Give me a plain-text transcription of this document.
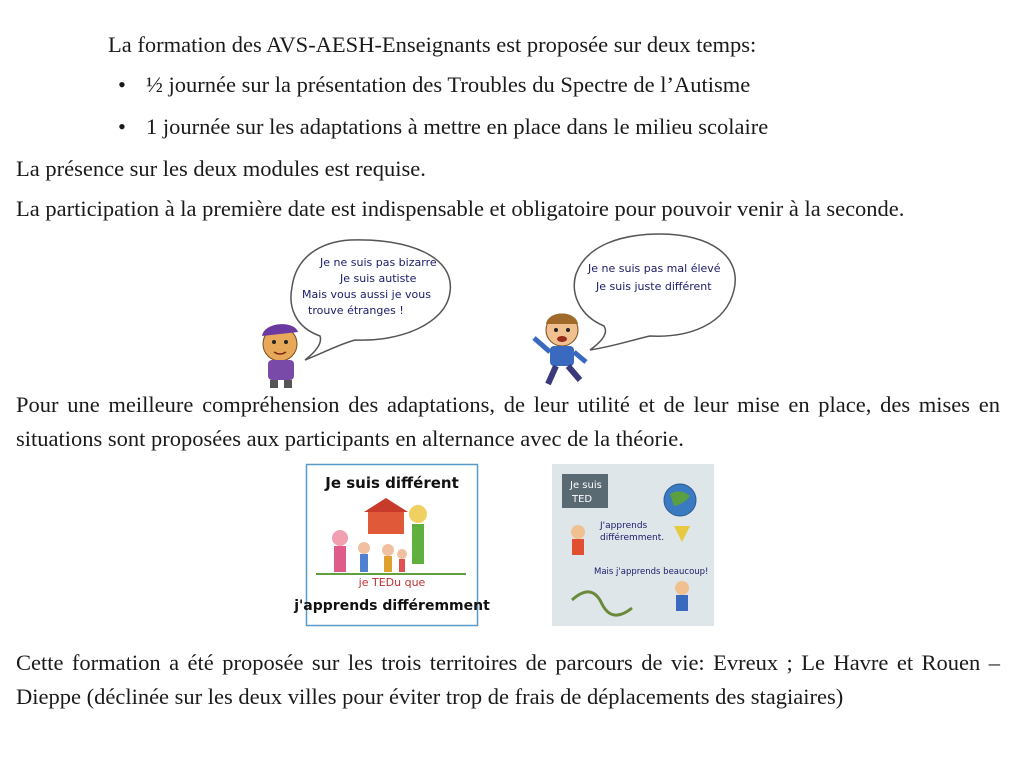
La formation des AVS-AESH-Enseignants est proposée sur deux temps:
• ½ journée sur la présentation des Troubles du Spectre de l’Autisme
• 1 journée sur les adaptations à mettre en place dans le milieu scolaire
La présence sur les deux modules est requise.
La participation à la première date est indispensable et obligatoire pour pouvoir venir à la seconde.
Je ne suis pas bizarre
Je suis autiste
Mais vous aussi je vous
trouve étranges !
Je ne suis pas mal élevé
Je suis juste différent
Pour une meilleure compréhension des adaptations, de leur utilité et de leur mise en place, des mises en situations sont proposées aux participants en alternance avec de la théorie.
Je suis différent
je TEDu que
j'apprends différemment
Je suis
TED
J'apprends
différemment.
Mais j'apprends beaucoup!
Cette formation a été proposée sur les trois territoires de parcours de vie: Evreux ; Le Havre et Rouen –Dieppe (déclinée sur les deux villes pour éviter trop de frais de déplacements des stagiaires)
